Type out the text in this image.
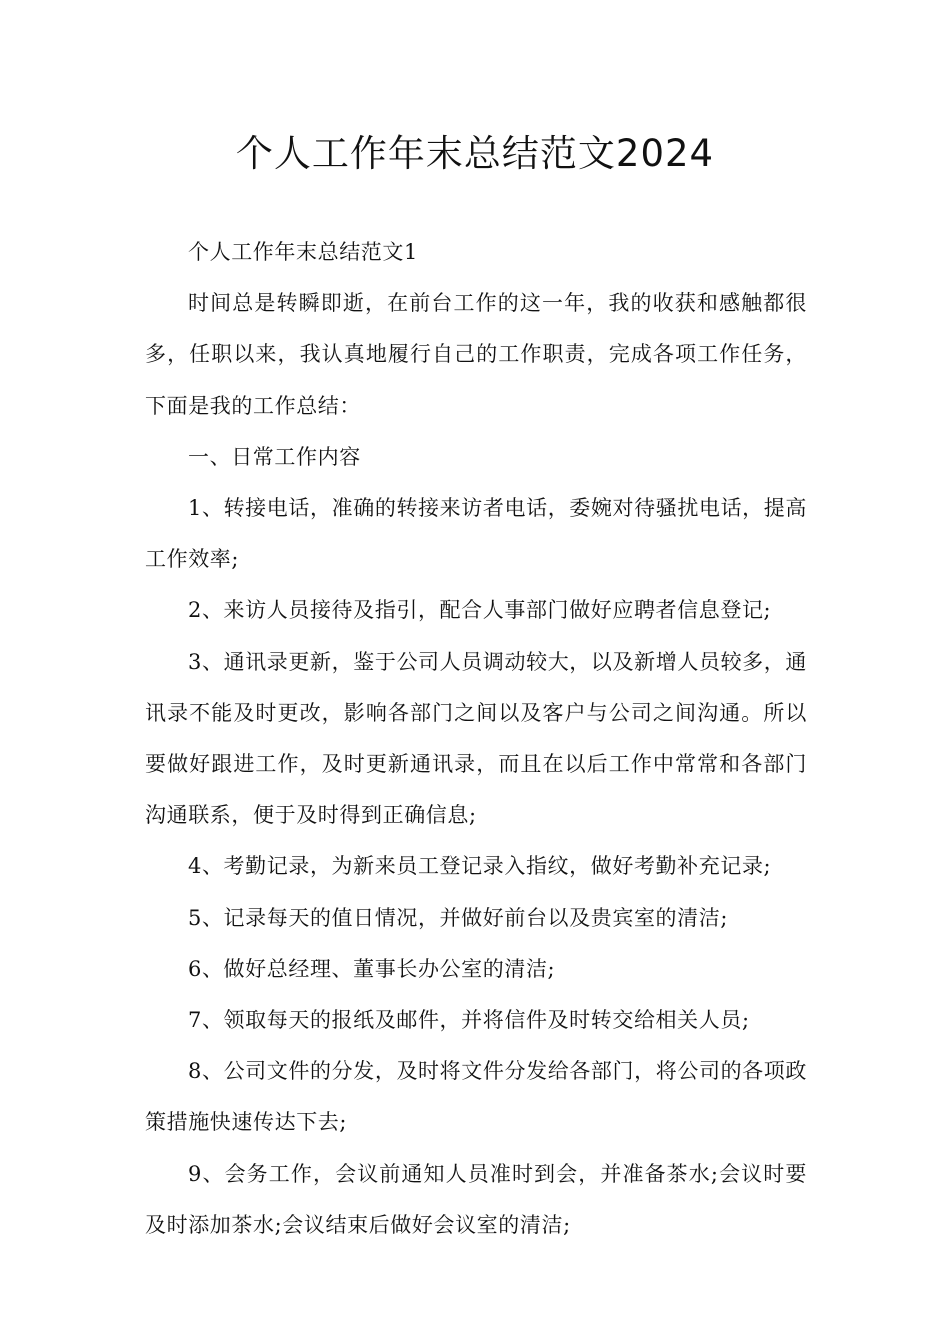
个人工作年末总结范文2024

个人工作年末总结范文1

时间总是转瞬即逝，在前台工作的这一年，我的收获和感触都很多，任职以来，我认真地履行自己的工作职责，完成各项工作任务，下面是我的工作总结：

一、日常工作内容

1、转接电话，准确的转接来访者电话，委婉对待骚扰电话，提高工作效率;

2、来访人员接待及指引，配合人事部门做好应聘者信息登记;

3、通讯录更新，鉴于公司人员调动较大，以及新增人员较多，通讯录不能及时更改，影响各部门之间以及客户与公司之间沟通。所以要做好跟进工作，及时更新通讯录，而且在以后工作中常常和各部门沟通联系，便于及时得到正确信息;

4、考勤记录，为新来员工登记录入指纹，做好考勤补充记录;

5、记录每天的值日情况，并做好前台以及贵宾室的清洁;

6、做好总经理、董事长办公室的清洁;

7、领取每天的报纸及邮件，并将信件及时转交给相关人员;

8、公司文件的分发，及时将文件分发给各部门，将公司的各项政策措施快速传达下去;

9、会务工作，会议前通知人员准时到会，并准备茶水;会议时要及时添加茶水;会议结束后做好会议室的清洁;
